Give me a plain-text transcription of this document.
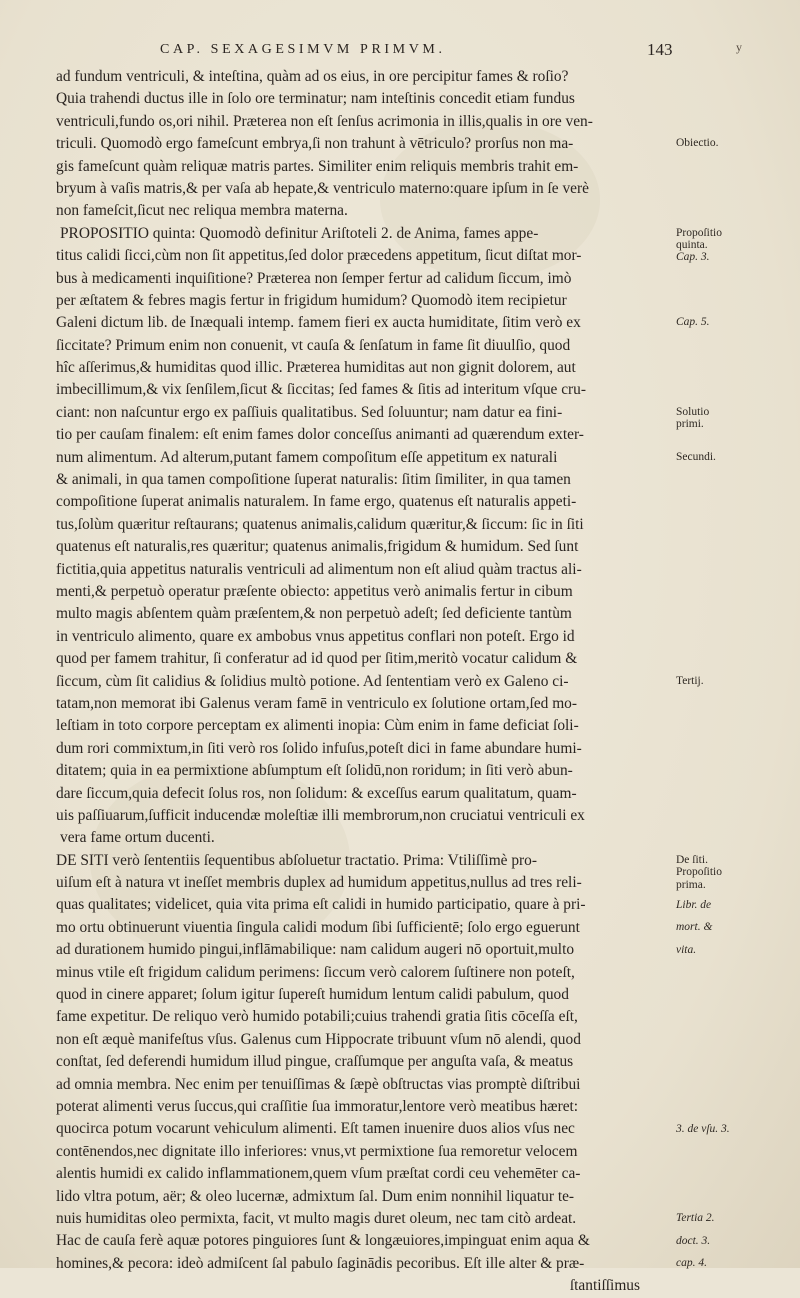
CAP. SEXAGESIMVM PRIMVM.	143	y
ad fundum ventriculi, & inteſtina, quàm ad os eius, in ore percipitur fames & roſio?
Quia trahendi ductus ille in ſolo ore terminatur; nam inteſtinis concedit etiam fundus
ventriculi,fundo os,ori nihil. Præterea non eſt ſenſus acrimonia in illis,qualis in ore ven-
triculi. Quomodò ergo fameſcunt embrya,ſi non trahunt à vētriculo? prorſus non ma-
gis fameſcunt quàm reliquæ matris partes. Similiter enim reliquis membris trahit em-
bryum à vaſis matris,& per vaſa ab hepate,& ventriculo materno:quare ipſum in ſe verè
non fameſcit,ſicut nec reliqua membra materna.
PROPOSITIO quinta: Quomodò definitur Ariſtoteli 2. de Anima, fames appe-
titus calidi ſicci,cùm non ſit appetitus,ſed dolor præcedens appetitum, ſicut diſtat mor-
bus à medicamenti inquiſitione? Præterea non ſemper fertur ad calidum ſiccum, imò
per æſtatem & febres magis fertur in frigidum humidum? Quomodò item recipietur
Galeni dictum lib. de Inæquali intemp. famem fieri ex aucta humiditate, ſitim verò ex
ſiccitate? Primum enim non conuenit, vt cauſa & ſenſatum in fame ſit diuulſio, quod
hîc aſſerimus,& humiditas quod illic. Præterea humiditas aut non gignit dolorem, aut
imbecillimum,& vix ſenſilem,ſicut & ſiccitas; ſed fames & ſitis ad interitum vſque cru-
ciant: non naſcuntur ergo ex paſſiuis qualitatibus. Sed ſoluuntur; nam datur ea fini-
tio per cauſam finalem: eſt enim fames dolor conceſſus animanti ad quærendum exter-
num alimentum. Ad alterum,putant famem compoſitum eſſe appetitum ex naturali
& animali, in qua tamen compoſitione ſuperat naturalis: ſitim ſimiliter, in qua tamen
compoſitione ſuperat animalis naturalem. In fame ergo, quatenus eſt naturalis appeti-
tus,ſolùm quæritur reſtaurans; quatenus animalis,calidum quæritur,& ſiccum: ſic in ſiti
quatenus eſt naturalis,res quæritur; quatenus animalis,frigidum & humidum. Sed ſunt
fictitia,quia appetitus naturalis ventriculi ad alimentum non eſt aliud quàm tractus ali-
menti,& perpetuò operatur præſente obiecto: appetitus verò animalis fertur in cibum
multo magis abſentem quàm præſentem,& non perpetuò adeſt; ſed deficiente tantùm
in ventriculo alimento, quare ex ambobus vnus appetitus conflari non poteſt. Ergo id
quod per famem trahitur, ſi conferatur ad id quod per ſitim,meritò vocatur calidum &
ſiccum, cùm ſit calidius & ſolidius multò potione. Ad ſententiam verò ex Galeno ci-
tatam,non memorat ibi Galenus veram famē in ventriculo ex ſolutione ortam,ſed mo-
leſtiam in toto corpore perceptam ex alimenti inopia: Cùm enim in fame deficiat ſoli-
dum rori commixtum,in ſiti verò ros ſolido infuſus,poteſt dici in fame abundare humi-
ditatem; quia in ea permixtione abſumptum eſt ſolidū,non roridum; in ſiti verò abun-
dare ſiccum,quia defecit ſolus ros, non ſolidum: & exceſſus earum qualitatum, quam-
uis paſſiuarum,ſufficit inducendæ moleſtiæ illi membrorum,non cruciatui ventriculi ex
vera fame ortum ducenti.
DE SITI verò ſententiis ſequentibus abſoluetur tractatio. Prima: Vtiliſſimè pro-
uiſum eſt à natura vt ineſſet membris duplex ad humidum appetitus,nullus ad tres reli-
quas qualitates; videlicet, quia vita prima eſt calidi in humido participatio, quare à pri-
mo ortu obtinuerunt viuentia ſingula calidi modum ſibi ſufficientē; ſolo ergo eguerunt
ad durationem humido pingui,inflāmabilique: nam calidum augeri nō oportuit,multo
minus vtile eſt frigidum calidum perimens: ſiccum verò calorem ſuſtinere non poteſt,
quod in cinere apparet; ſolum igitur ſupereſt humidum lentum calidi pabulum, quod
fame expetitur. De reliquo verò humido potabili;cuius trahendi gratia ſitis cōceſſa eſt,
non eſt æquè manifeſtus vſus. Galenus cum Hippocrate tribuunt vſum nō alendi, quod
conſtat, ſed deferendi humidum illud pingue, craſſumque per anguſta vaſa, & meatus
ad omnia membra. Nec enim per tenuiſſimas & ſæpè obſtructas vias promptè diſtribui
poterat alimenti verus ſuccus,qui craſſitie ſua immoratur,lentore verò meatibus hæret:
quocirca potum vocarunt vehiculum alimenti. Eſt tamen inuenire duos alios vſus nec
contēnendos,nec dignitate illo inferiores: vnus,vt permixtione ſua remoretur velocem
alentis humidi ex calido inflammationem,quem vſum præſtat cordi ceu vehemēter ca-
lido vltra potum, aër; & oleo lucernæ, admixtum ſal. Dum enim nonnihil liquatur te-
nuis humiditas oleo permixta, facit, vt multo magis duret oleum, nec tam citò ardeat.
Hac de cauſa ferè aquæ potores pinguiores ſunt & longæuiores,impinguat enim aqua &
homines,& pecora: ideò admiſcent ſal pabulo ſaginādis pecoribus. Eſt ille alter & præ-
ſtantiſſimus
Obiectio.
Propoſitio
quinta.
Cap. 3.
Cap. 5.
Solutio
primi.
Secundi.
Tertij.
De ſiti.
Propoſitio
prima.
Libr. de
mort. &
vita.
3. de vſu. 3.
Tertia 2.
doct. 3.
cap. 4.
